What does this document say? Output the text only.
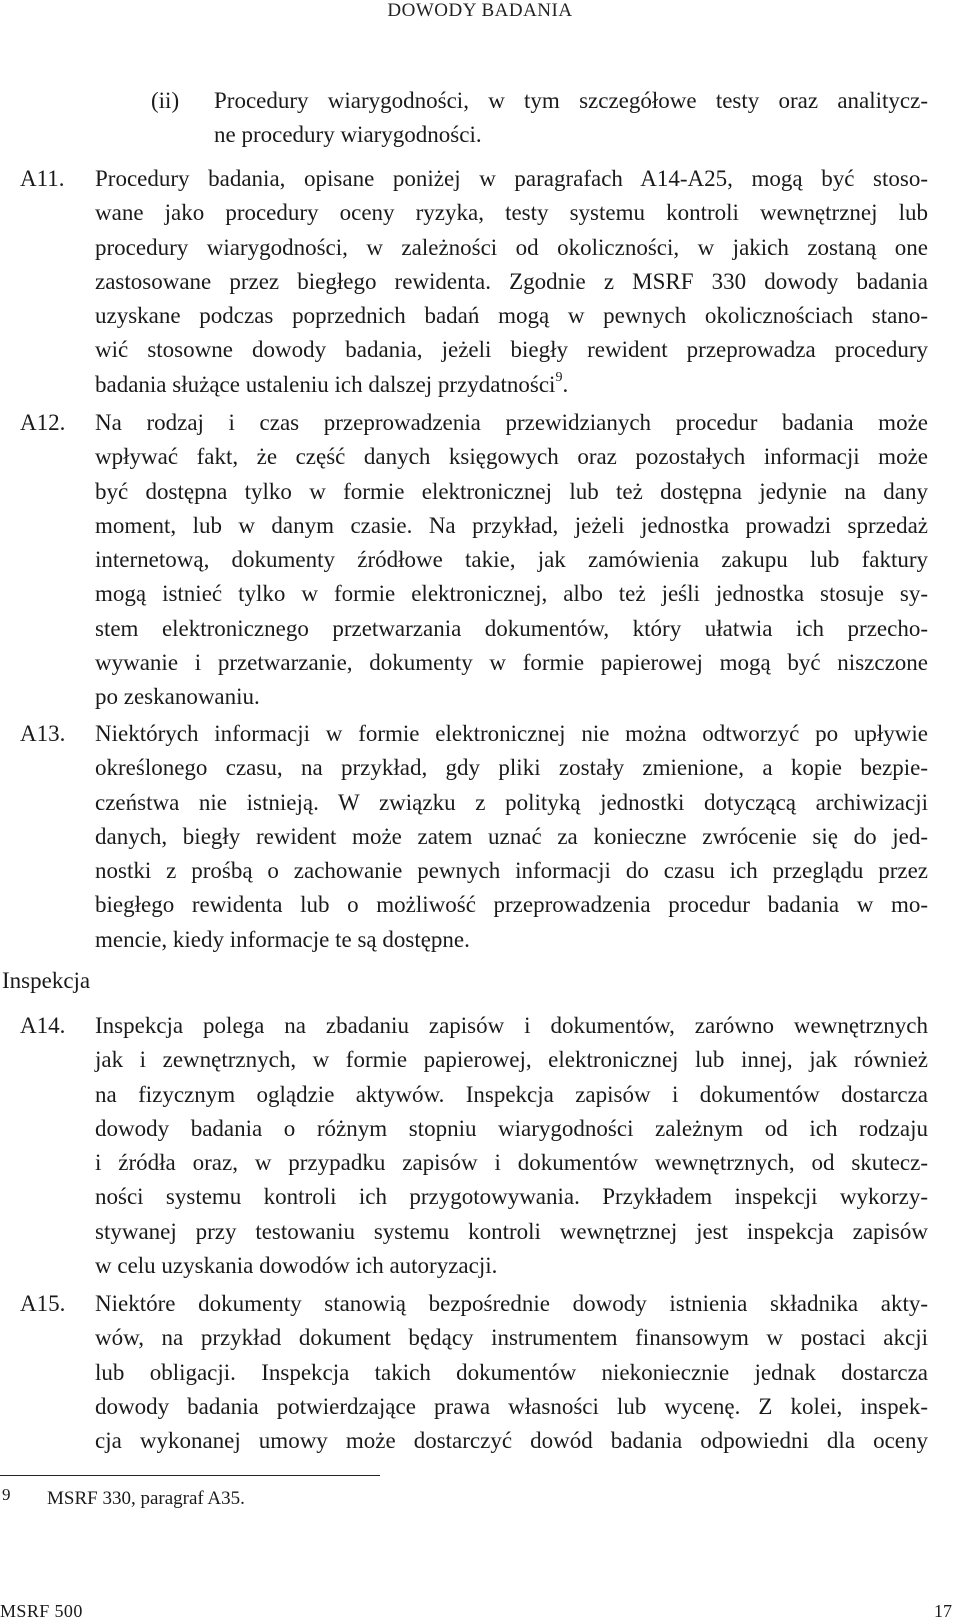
DOWODY BADANIA
(ii) Procedury wiarygodności, w tym szczegółowe testy oraz analitycz-
ne procedury wiarygodności.
A11. Procedury badania, opisane poniżej w paragrafach A14-A25, mogą być stoso-
wane jako procedury oceny ryzyka, testy systemu kontroli wewnętrznej lub
procedury wiarygodności, w zależności od okoliczności, w jakich zostaną one
zastosowane przez biegłego rewidenta. Zgodnie z MSRF 330 dowody badania
uzyskane podczas poprzednich badań mogą w pewnych okolicznościach stano-
wić stosowne dowody badania, jeżeli biegły rewident przeprowadza procedury
badania służące ustaleniu ich dalszej przydatności$^9$.
A12. Na rodzaj i czas przeprowadzenia przewidzianych procedur badania może
wpływać fakt, że część danych księgowych oraz pozostałych informacji może
być dostępna tylko w formie elektronicznej lub też dostępna jedynie na dany
moment, lub w danym czasie. Na przykład, jeżeli jednostka prowadzi sprzedaż
internetową, dokumenty źródłowe takie, jak zamówienia zakupu lub faktury
mogą istnieć tylko w formie elektronicznej, albo też jeśli jednostka stosuje sy-
stem elektronicznego przetwarzania dokumentów, który ułatwia ich przecho-
wywanie i przetwarzanie, dokumenty w formie papierowej mogą być niszczone
po zeskanowaniu.
A13. Niektórych informacji w formie elektronicznej nie można odtworzyć po upływie
określonego czasu, na przykład, gdy pliki zostały zmienione, a kopie bezpie-
czeństwa nie istnieją. W związku z polityką jednostki dotyczącą archiwizacji
danych, biegły rewident może zatem uznać za konieczne zwrócenie się do jed-
nostki z prośbą o zachowanie pewnych informacji do czasu ich przeglądu przez
biegłego rewidenta lub o możliwość przeprowadzenia procedur badania w mo-
mencie, kiedy informacje te są dostępne.
Inspekcja
A14. Inspekcja polega na zbadaniu zapisów i dokumentów, zarówno wewnętrznych
jak i zewnętrznych, w formie papierowej, elektronicznej lub innej, jak również
na fizycznym oglądzie aktywów. Inspekcja zapisów i dokumentów dostarcza
dowody badania o różnym stopniu wiarygodności zależnym od ich rodzaju
i źródła oraz, w przypadku zapisów i dokumentów wewnętrznych, od skutecz-
ności systemu kontroli ich przygotowywania. Przykładem inspekcji wykorzy-
stywanej przy testowaniu systemu kontroli wewnętrznej jest inspekcja zapisów
w celu uzyskania dowodów ich autoryzacji.
A15. Niektóre dokumenty stanowią bezpośrednie dowody istnienia składnika akty-
wów, na przykład dokument będący instrumentem finansowym w postaci akcji
lub obligacji. Inspekcja takich dokumentów niekoniecznie jednak dostarcza
dowody badania potwierdzające prawa własności lub wycenę. Z kolei, inspek-
cja wykonanej umowy może dostarczyć dowód badania odpowiedni dla oceny
9 MSRF 330, paragraf A35.
MSRF 500	17
